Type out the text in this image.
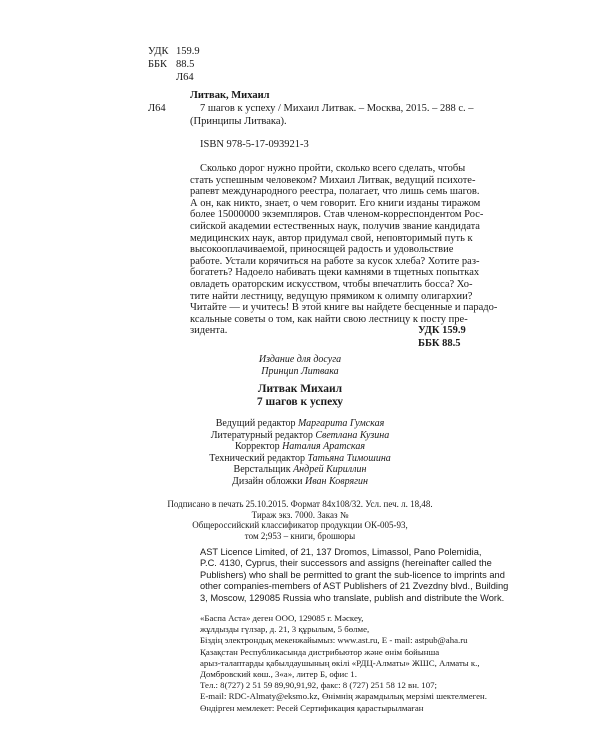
УДК 159.9
ББК 88.5
Л64
Л64
Литвак, Михаил
7 шагов к успеху / Михаил Литвак. – Москва, 2015. – 288 с. –
(Принципы Литвака).
ISBN 978-5-17-093921-3

Сколько дорог нужно пройти, сколько всего сделать, чтобы

стать успешным человеком? Михаил Литвак, ведущий психоте-

рапевт международного реестра, полагает, что лишь семь шагов.

А он, как никто, знает, о чем говорит. Его книги изданы тиражом

более 15000000 экземпляров. Став членом-корреспондентом Рос-

сийской академии естественных наук, получив звание кандидата

медицинских наук, автор придумал свой, неповторимый путь к

высокооплачиваемой, приносящей радость и удовольствие

работе. Устали корячиться на работе за кусок хлеба? Хотите раз-

богатеть? Надоело набивать щеки камнями в тщетных попытках

овладеть ораторским искусством, чтобы впечатлить босса? Хо-

тите найти лестницу, ведущую прямиком к олимпу олигархии?

Читайте — и учитесь! В этой книге вы найдете бесценные и парадо-

ксальные советы о том, как найти свою лестницу к посту пре-

зидента.	УДК 159.9
ББК 88.5
Издание для досуга
Принцип Литвака
Литвак Михаил
7 шагов к успеху
Ведущий редактор Маргарита Гумская
Литературный редактор Светлана Кузина
Корректор Наталия Аратская
Технический редактор Татьяна Тимошина
Верстальщик Андрей Кириллин
Дизайн обложки Иван Коврягин

Подписано в печать 25.10.2015. Формат 84х108/32. Усл. печ. л. 18,48.

Тираж экз. 7000. Заказ №

Общероссийский классификатор продукции ОК-005-93,

том 2;953 – книги, брошюры

AST Licence Limited, of 21, 137 Dromos, Limassol, Pano Polemidia,

P.C. 4130, Cyprus, their successors and assigns (hereinafter called the

Publishers) who shall be permitted to grant the sub-licence to imprints and

other companies-members of AST Publishers of 21 Zvezdny blvd., Building

3, Moscow, 129085 Russia who translate, publish and distribute the Work.

«Баспа Аста» деген ООО, 129085 г. Мәскеу,

жұлдызды гүлзар, д. 21, 3 құрылым, 5 бөлме,

Біздің электрондық мекенжайымыз: www.ast.ru, E - mail: astpub@aha.ru

Қазақстан Республикасында дистрибьютор және өнім бойынша

арыз-талаптарды қабылдаушының өкілі «РДЦ-Алматы» ЖШС, Алматы к.,

Домбровский көш., 3«а», литер Б, офис 1.

Тел.: 8(727) 2 51 59 89,90,91,92, факс: 8 (727) 251 58 12 вн. 107;

E-mail: RDC-Almaty@eksmo.kz, Өнімнің жарамдылық мерзімі шектелмеген.

Өндірген мемлекет: Ресей Сертификация қарастырылмаған
